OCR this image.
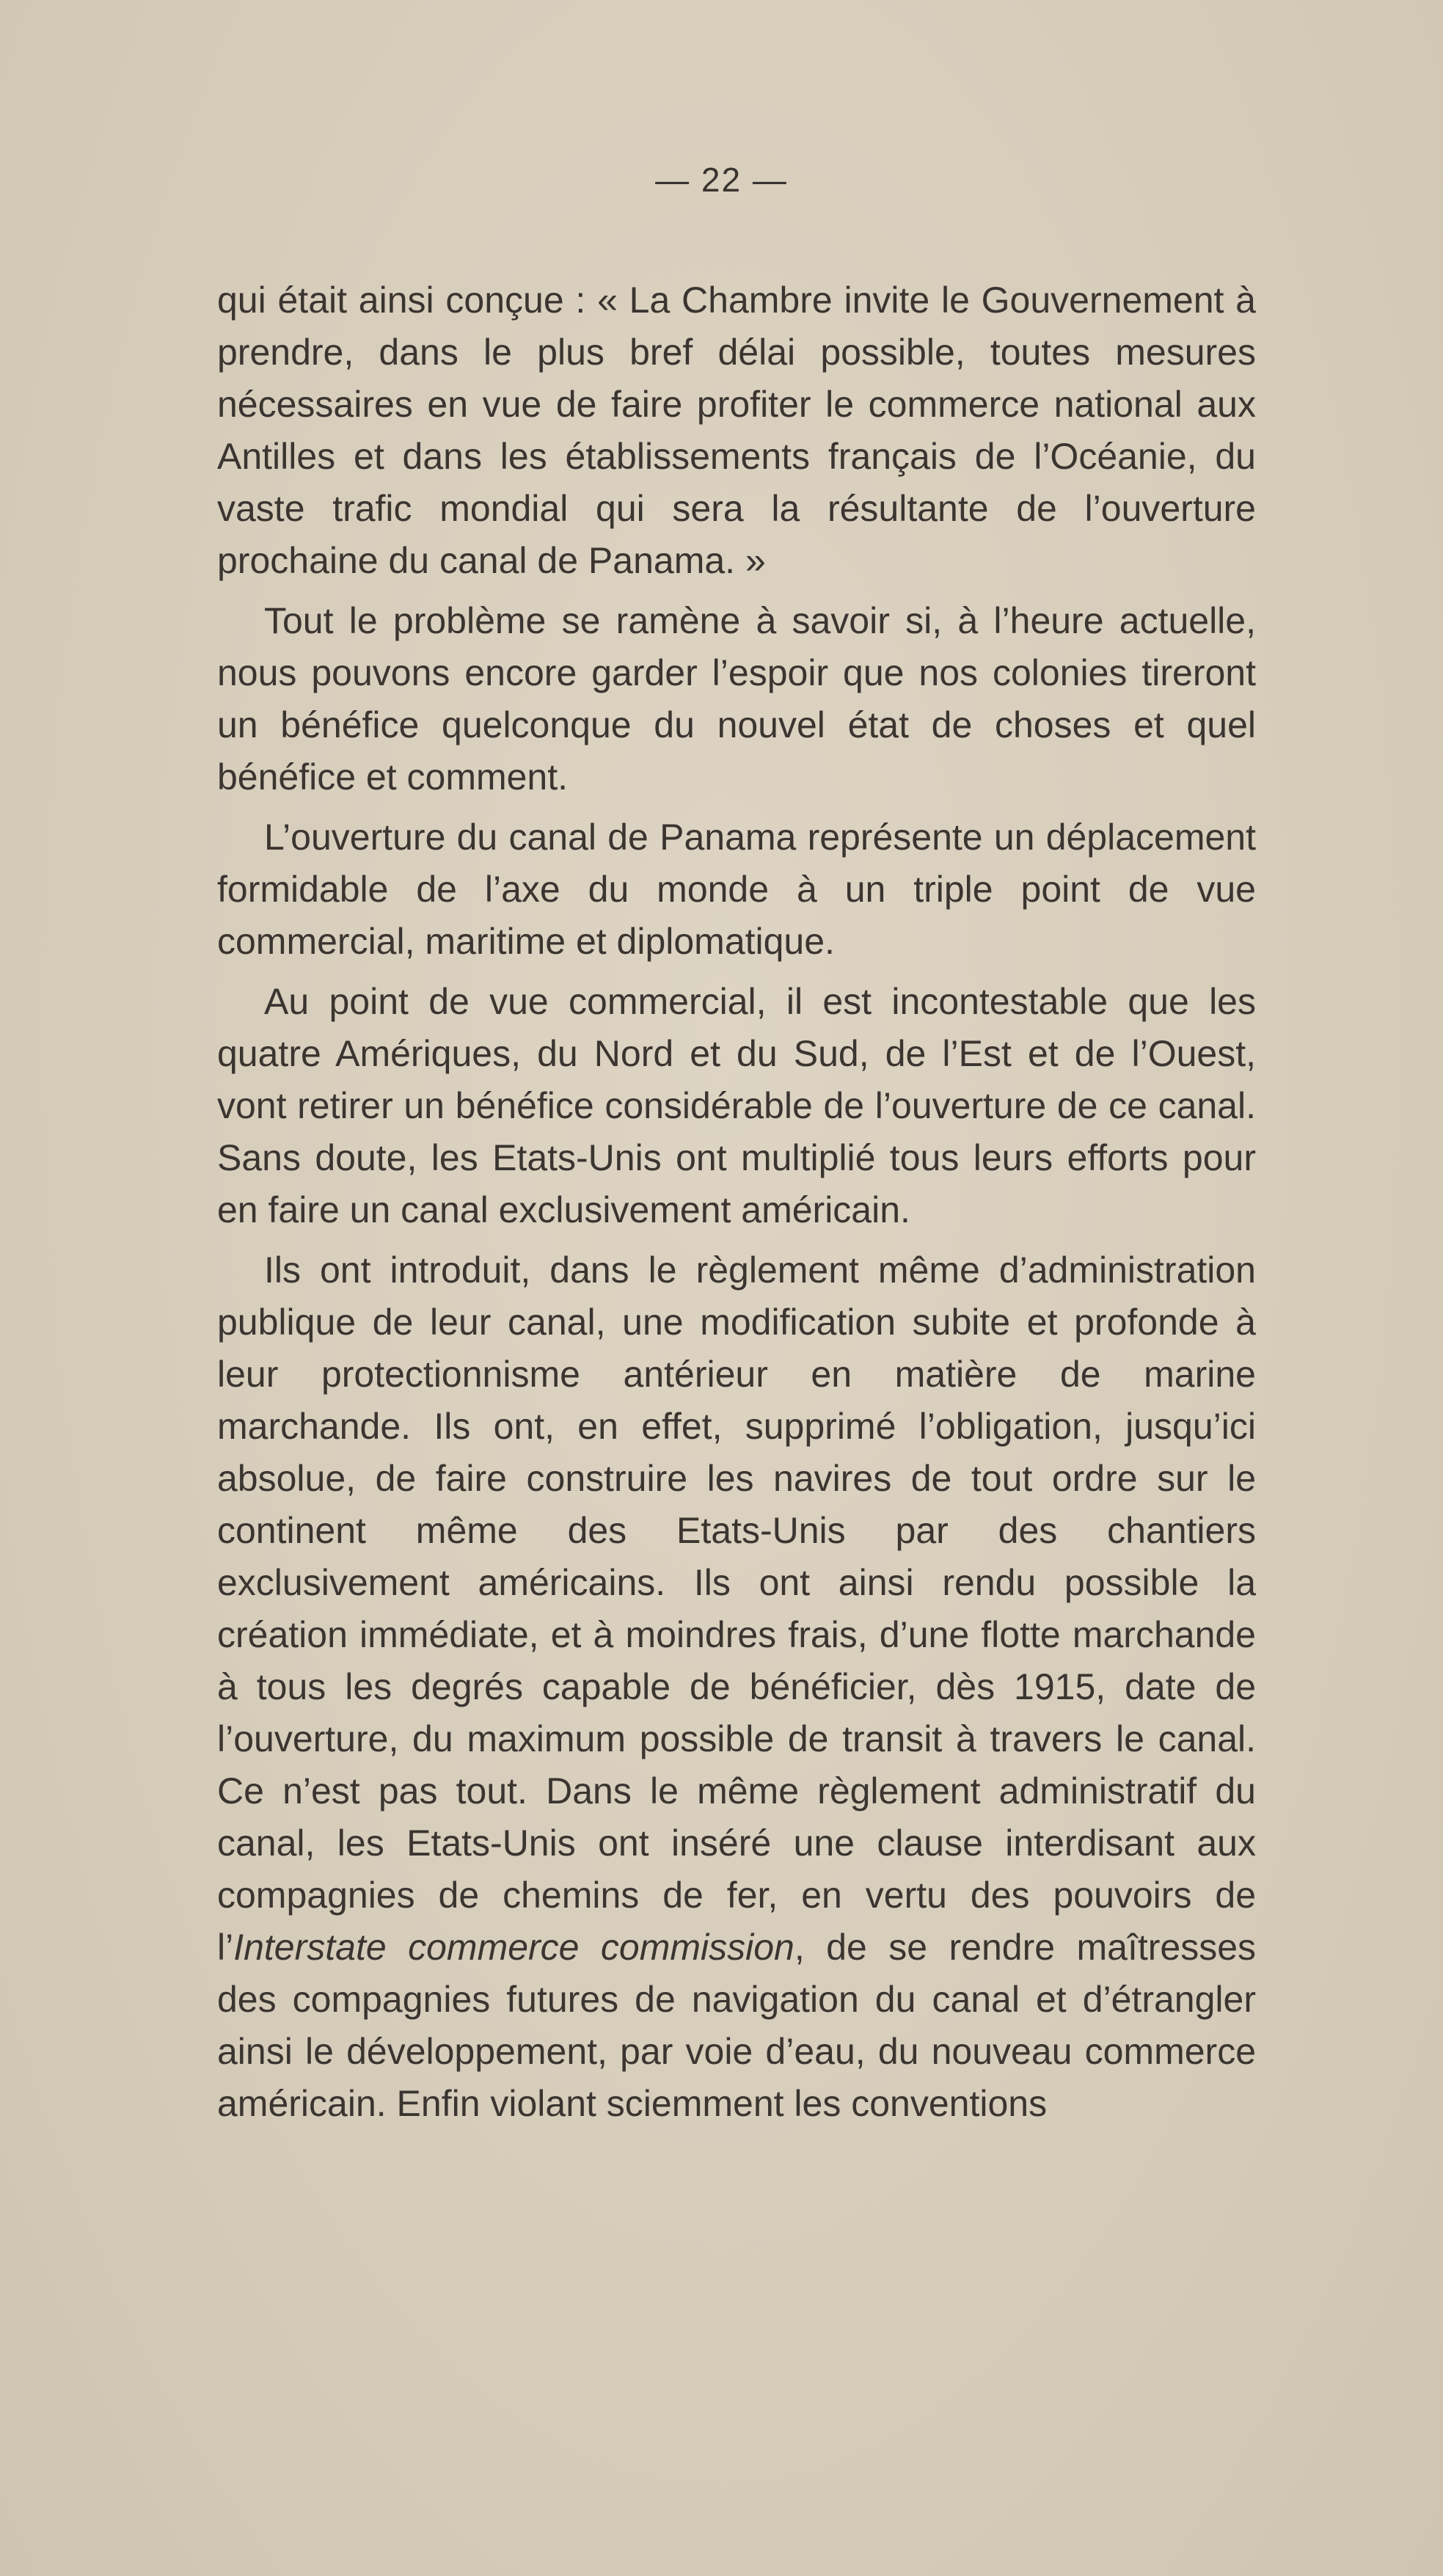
— 22 —

qui était ainsi conçue : « La Chambre invite le Gouvernement à prendre, dans le plus bref délai possible, toutes mesures nécessaires en vue de faire profiter le commerce national aux Antilles et dans les établissements français de l’Océanie, du vaste trafic mondial qui sera la résultante de l’ouverture prochaine du canal de Panama. »

Tout le problème se ramène à savoir si, à l’heure actuelle, nous pouvons encore garder l’espoir que nos colonies tireront un bénéfice quelconque du nouvel état de choses et quel bénéfice et comment.

L’ouverture du canal de Panama représente un déplacement formidable de l’axe du monde à un triple point de vue commercial, maritime et diplomatique.

Au point de vue commercial, il est incontestable que les quatre Amériques, du Nord et du Sud, de l’Est et de l’Ouest, vont retirer un bénéfice considérable de l’ouverture de ce canal. Sans doute, les Etats-Unis ont multiplié tous leurs efforts pour en faire un canal exclusivement américain.

Ils ont introduit, dans le règlement même d’administration publique de leur canal, une modification subite et profonde à leur protectionnisme antérieur en matière de marine marchande. Ils ont, en effet, supprimé l’obligation, jusqu’ici absolue, de faire construire les navires de tout ordre sur le continent même des Etats-Unis par des chantiers exclusivement américains. Ils ont ainsi rendu possible la création immédiate, et à moindres frais, d’une flotte marchande à tous les degrés capable de bénéficier, dès 1915, date de l’ouverture, du maximum possible de transit à travers le canal. Ce n’est pas tout. Dans le même règlement administratif du canal, les Etats-Unis ont inséré une clause interdisant aux compagnies de chemins de fer, en vertu des pouvoirs de l’Interstate commerce commission, de se rendre maîtresses des compagnies futures de navigation du canal et d’étrangler ainsi le développement, par voie d’eau, du nouveau commerce américain. Enfin violant sciemment les conventions
